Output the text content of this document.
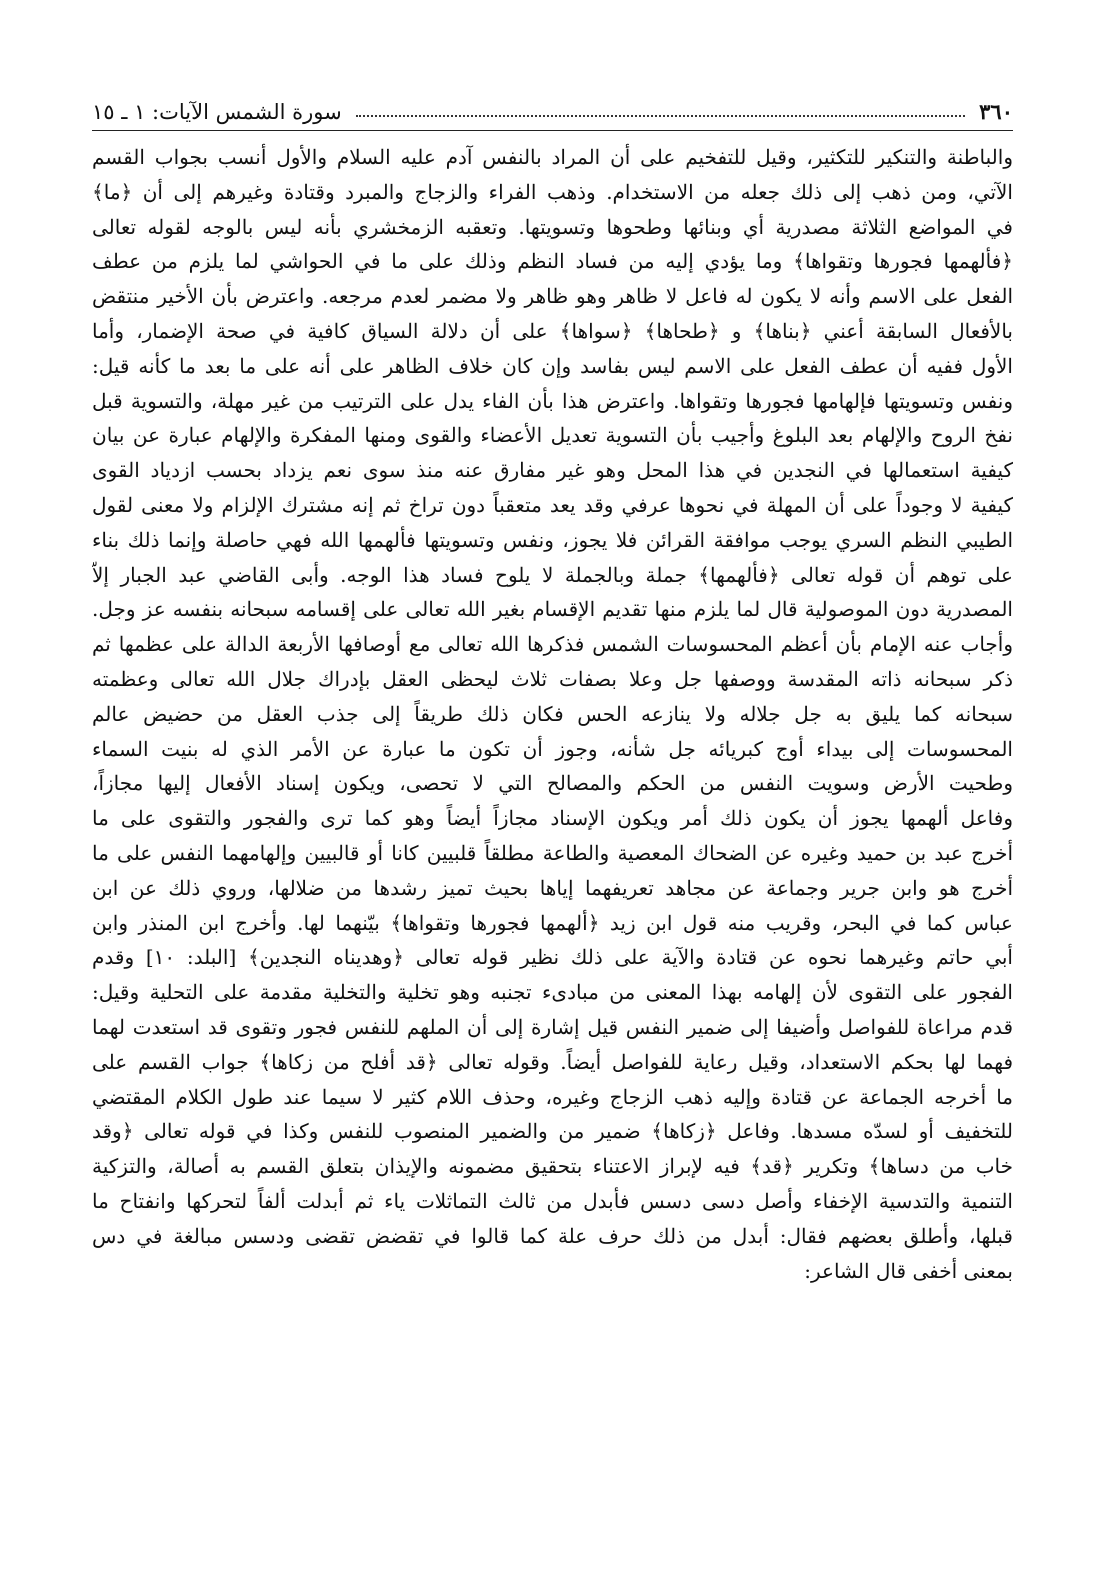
٣٦٠
سورة الشمس الآيات: ١ ـ ١٥
والباطنة والتنكير للتكثير، وقيل للتفخيم على أن المراد بالنفس آدم عليه السلام والأول أنسب بجواب القسم
الآتي، ومن ذهب إلى ذلك جعله من الاستخدام. وذهب الفراء والزجاج والمبرد وقتادة وغيرهم إلى أن ﴿ما﴾
في المواضع الثلاثة مصدرية أي وبنائها وطحوها وتسويتها. وتعقبه الزمخشري بأنه ليس بالوجه لقوله تعالى
﴿فألهمها فجورها وتقواها﴾ وما يؤدي إليه من فساد النظم وذلك على ما في الحواشي لما يلزم من عطف
الفعل على الاسم وأنه لا يكون له فاعل لا ظاهر وهو ظاهر ولا مضمر لعدم مرجعه. واعترض بأن الأخير منتقض
بالأفعال السابقة أعني ﴿بناها﴾ و ﴿طحاها﴾ ﴿سواها﴾ على أن دلالة السياق كافية في صحة الإضمار، وأما
الأول ففيه أن عطف الفعل على الاسم ليس بفاسد وإن كان خلاف الظاهر على أنه على ما بعد ما كأنه قيل:
ونفس وتسويتها فإلهامها فجورها وتقواها. واعترض هذا بأن الفاء يدل على الترتيب من غير مهلة، والتسوية قبل
نفخ الروح والإلهام بعد البلوغ وأجيب بأن التسوية تعديل الأعضاء والقوى ومنها المفكرة والإلهام عبارة عن بيان
كيفية استعمالها في النجدين في هذا المحل وهو غير مفارق عنه منذ سوى نعم يزداد بحسب ازدياد القوى
كيفية لا وجوداً على أن المهلة في نحوها عرفي وقد يعد متعقباً دون تراخ ثم إنه مشترك الإلزام ولا معنى لقول
الطيبي النظم السري يوجب موافقة القرائن فلا يجوز، ونفس وتسويتها فألهمها الله فهي حاصلة وإنما ذلك بناء
على توهم أن قوله تعالى ﴿فألهمها﴾ جملة وبالجملة لا يلوح فساد هذا الوجه. وأبى القاضي عبد الجبار إلاّ
المصدرية دون الموصولية قال لما يلزم منها تقديم الإقسام بغير الله تعالى على إقسامه سبحانه بنفسه عز وجل.
وأجاب عنه الإمام بأن أعظم المحسوسات الشمس فذكرها الله تعالى مع أوصافها الأربعة الدالة على عظمها ثم
ذكر سبحانه ذاته المقدسة ووصفها جل وعلا بصفات ثلاث ليحظى العقل بإدراك جلال الله تعالى وعظمته
سبحانه كما يليق به جل جلاله ولا ينازعه الحس فكان ذلك طريقاً إلى جذب العقل من حضيض عالم
المحسوسات إلى بيداء أوج كبريائه جل شأنه، وجوز أن تكون ما عبارة عن الأمر الذي له بنيت السماء
وطحيت الأرض وسويت النفس من الحكم والمصالح التي لا تحصى، ويكون إسناد الأفعال إليها مجازاً،
وفاعل ألهمها يجوز أن يكون ذلك أمر ويكون الإسناد مجازاً أيضاً وهو كما ترى والفجور والتقوى على ما
أخرج عبد بن حميد وغيره عن الضحاك المعصية والطاعة مطلقاً قلبيين كانا أو قالبيين وإلهامهما النفس على ما
أخرج هو وابن جرير وجماعة عن مجاهد تعريفهما إياها بحيث تميز رشدها من ضلالها، وروي ذلك عن ابن
عباس كما في البحر، وقريب منه قول ابن زيد ﴿ألهمها فجورها وتقواها﴾ بيّنهما لها. وأخرج ابن المنذر وابن
أبي حاتم وغيرهما نحوه عن قتادة والآية على ذلك نظير قوله تعالى ﴿وهديناه النجدين﴾ [البلد: ١٠] وقدم
الفجور على التقوى لأن إلهامه بهذا المعنى من مبادىء تجنبه وهو تخلية والتخلية مقدمة على التحلية وقيل:
قدم مراعاة للفواصل وأضيفا إلى ضمير النفس قيل إشارة إلى أن الملهم للنفس فجور وتقوى قد استعدت لهما
فهما لها بحكم الاستعداد، وقيل رعاية للفواصل أيضاً. وقوله تعالى ﴿قد أفلح من زكاها﴾ جواب القسم على
ما أخرجه الجماعة عن قتادة وإليه ذهب الزجاج وغيره، وحذف اللام كثير لا سيما عند طول الكلام المقتضي
للتخفيف أو لسدّه مسدها. وفاعل ﴿زكاها﴾ ضمير من والضمير المنصوب للنفس وكذا في قوله تعالى ﴿وقد
خاب من دساها﴾ وتكرير ﴿قد﴾ فيه لإبراز الاعتناء بتحقيق مضمونه والإيذان بتعلق القسم به أصالة، والتزكية
التنمية والتدسية الإخفاء وأصل دسى دسس فأبدل من ثالث التماثلات ياء ثم أبدلت ألفاً لتحركها وانفتاح ما
قبلها، وأطلق بعضهم فقال: أبدل من ذلك حرف علة كما قالوا في تقضض تقضى ودسس مبالغة في دس
بمعنى أخفى قال الشاعر:
